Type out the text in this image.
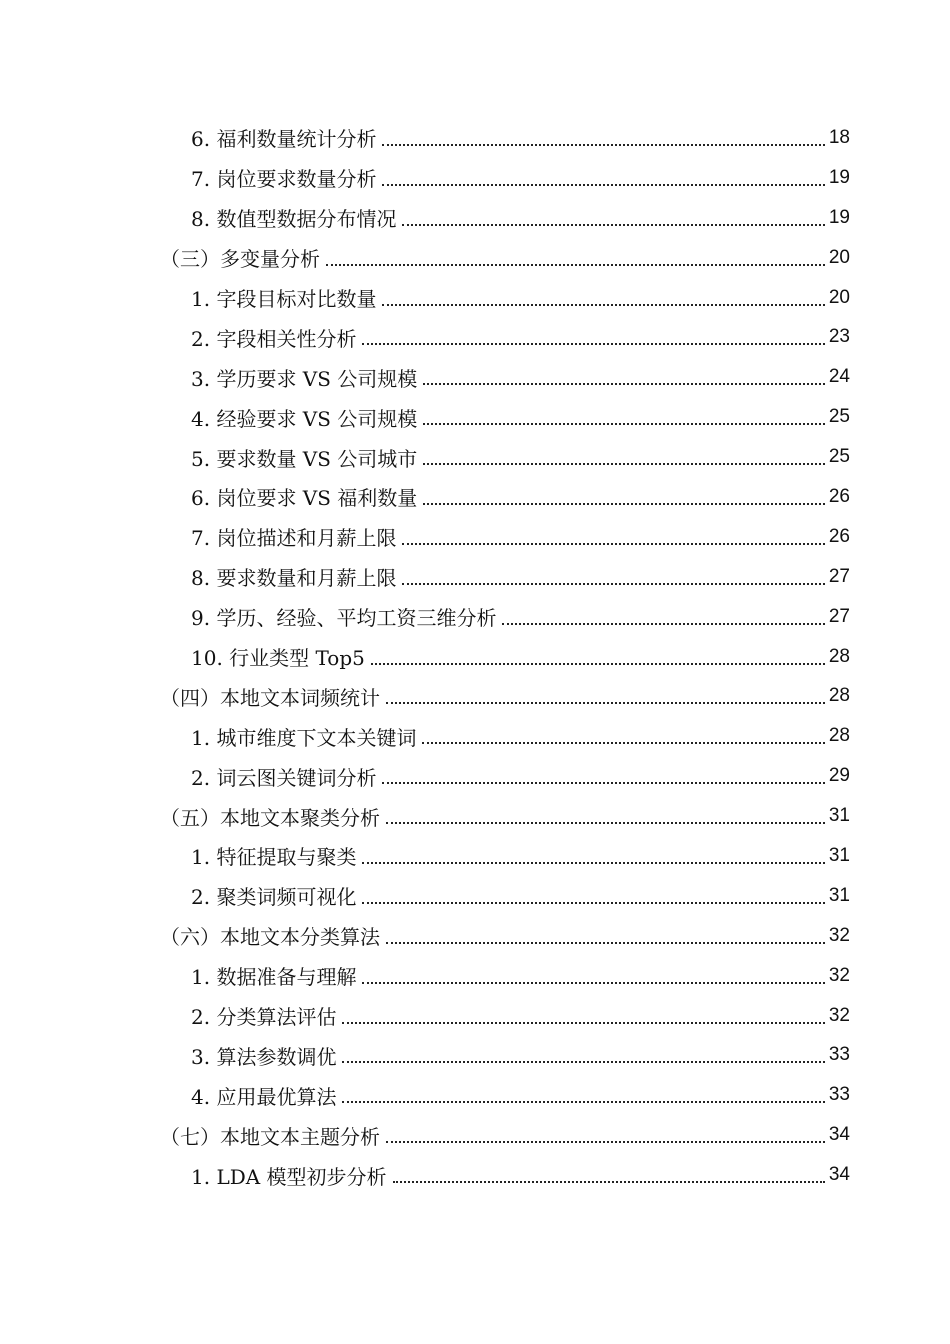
6. 福利数量统计分析	18
7. 岗位要求数量分析	19
8. 数值型数据分布情况	19
（三）多变量分析	20
1. 字段目标对比数量	20
2. 字段相关性分析	23
3. 学历要求 VS 公司规模	24
4. 经验要求 VS 公司规模	25
5. 要求数量 VS 公司城市	25
6. 岗位要求 VS 福利数量	26
7. 岗位描述和月薪上限	26
8. 要求数量和月薪上限	27
9. 学历、经验、平均工资三维分析	27
10. 行业类型 Top5	28
（四）本地文本词频统计	28
1. 城市维度下文本关键词	28
2. 词云图关键词分析	29
（五）本地文本聚类分析	31
1. 特征提取与聚类	31
2. 聚类词频可视化	31
（六）本地文本分类算法	32
1. 数据准备与理解	32
2. 分类算法评估	32
3. 算法参数调优	33
4. 应用最优算法	33
（七）本地文本主题分析	34
1. LDA 模型初步分析	34
